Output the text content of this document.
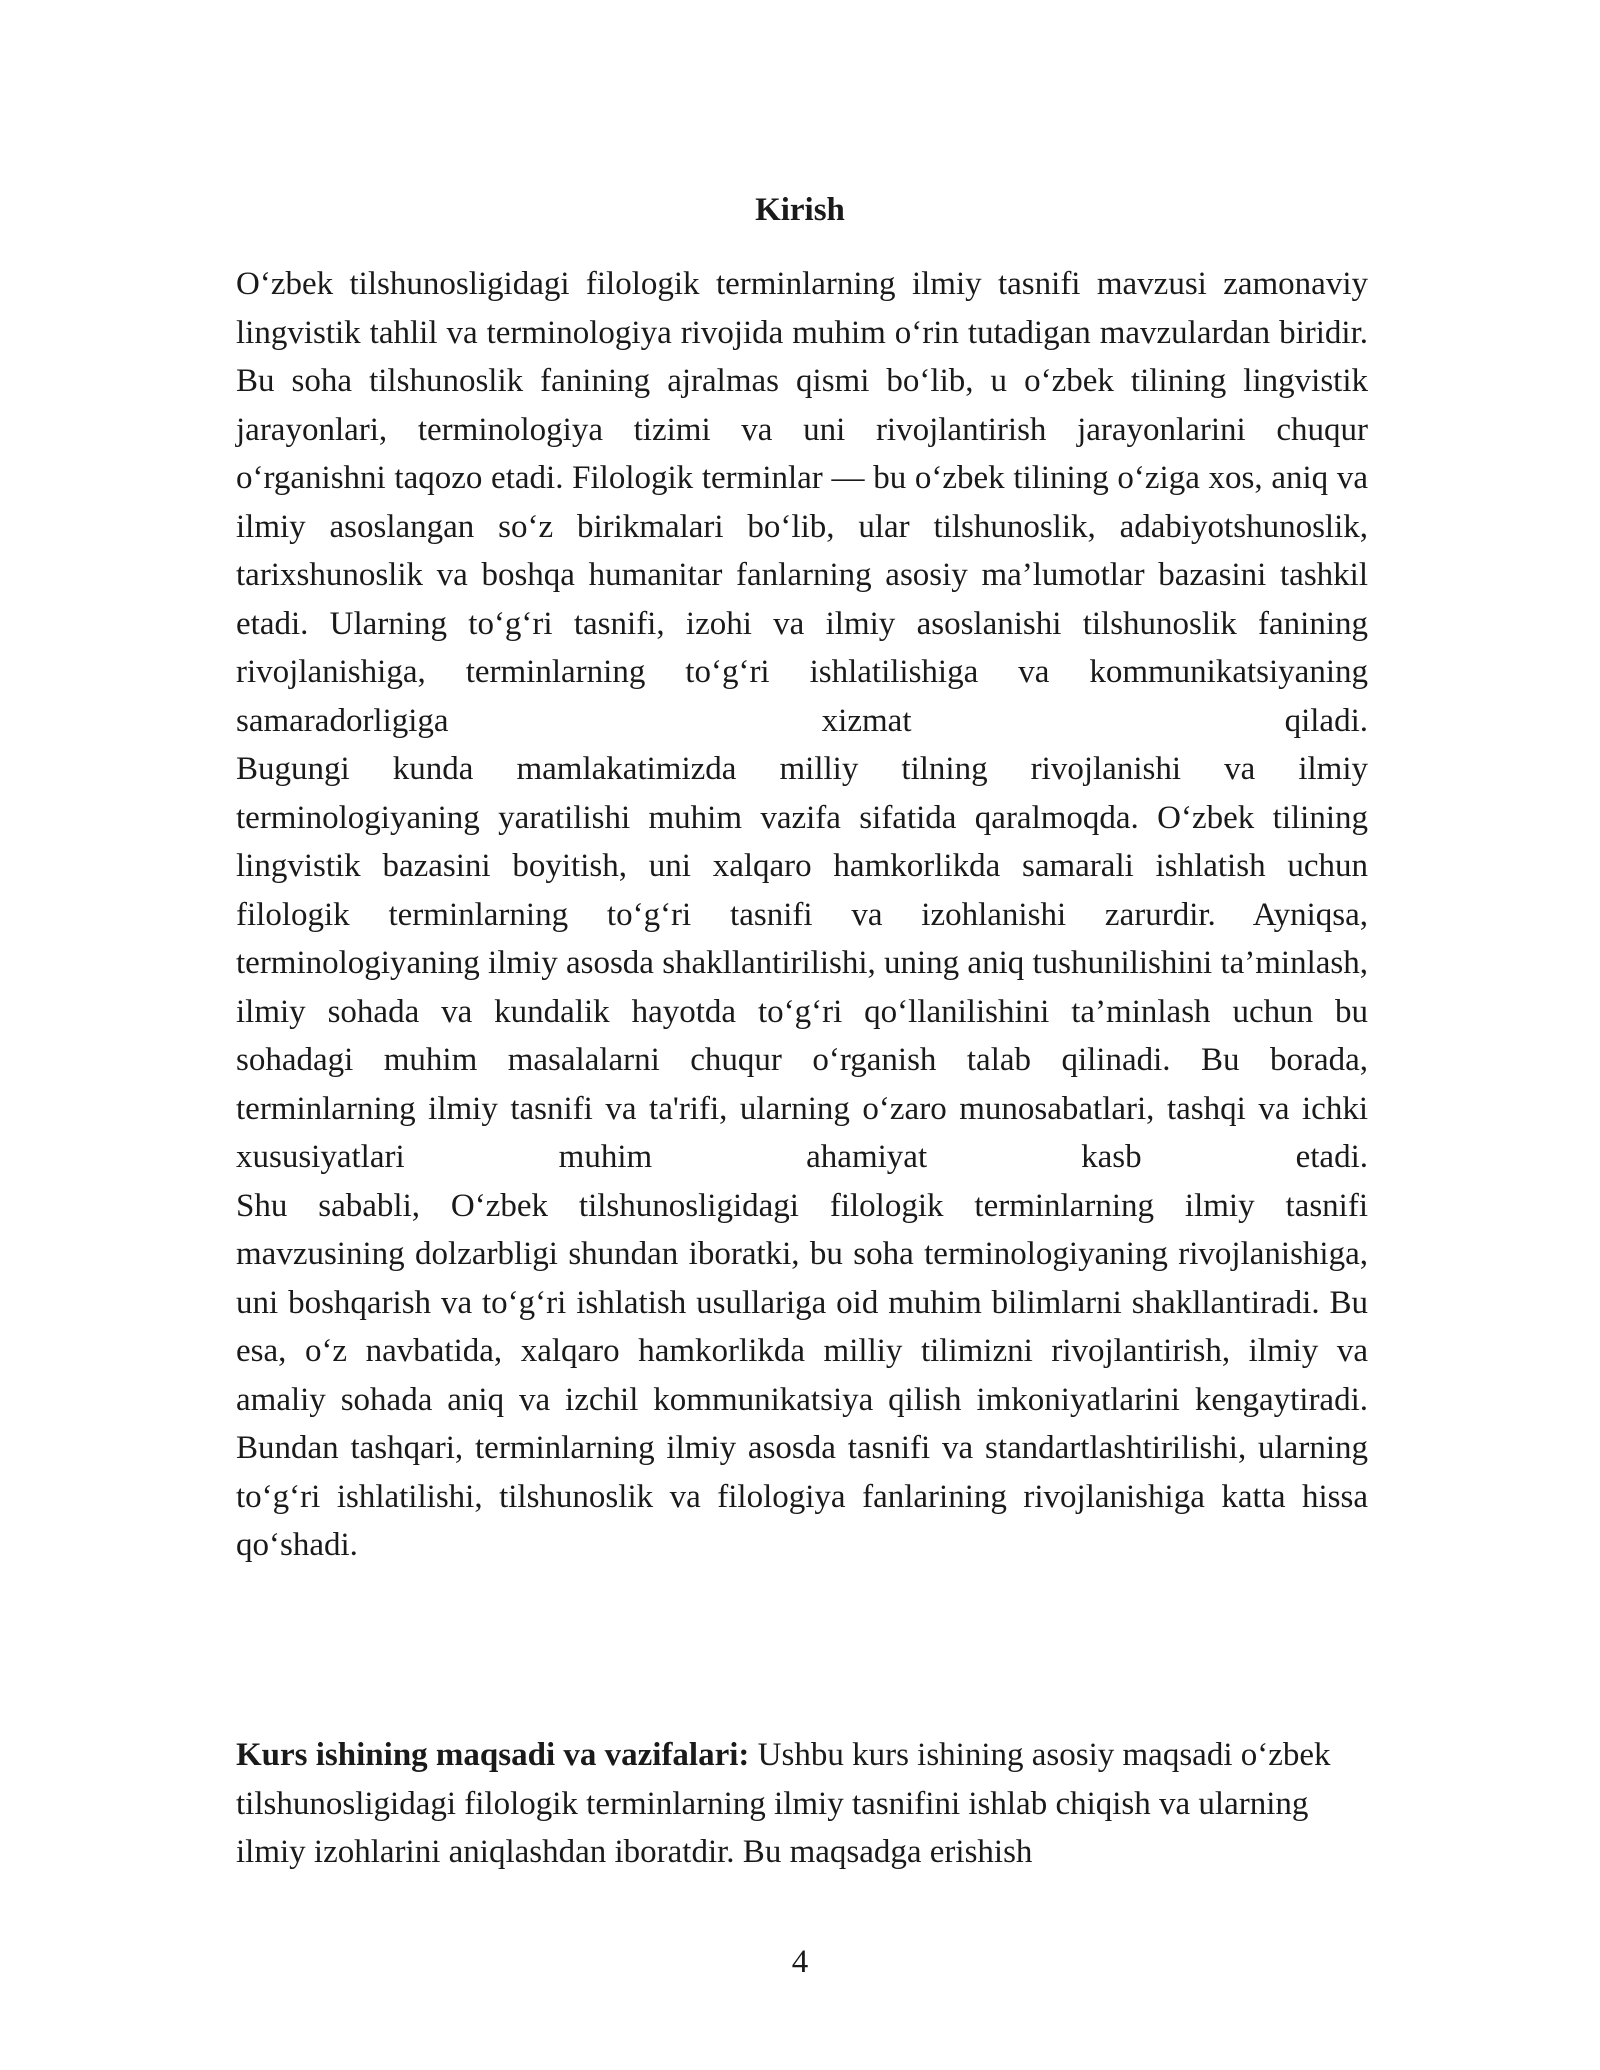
Kirish

O‘zbek tilshunosligidagi filologik terminlarning ilmiy tasnifi mavzusi zamonaviy lingvistik tahlil va terminologiya rivojida muhim o‘rin tutadigan mavzulardan biridir. Bu soha tilshunoslik fanining ajralmas qismi bo‘lib, u o‘zbek tilining lingvistik jarayonlari, terminologiya tizimi va uni rivojlantirish jarayonlarini chuqur o‘rganishni taqozo etadi. Filologik terminlar — bu o‘zbek tilining o‘ziga xos, aniq va ilmiy asoslangan so‘z birikmalari bo‘lib, ular tilshunoslik, adabiyotshunoslik, tarixshunoslik va boshqa humanitar fanlarning asosiy ma’lumotlar bazasini tashkil etadi. Ularning to‘g‘ri tasnifi, izohi va ilmiy asoslanishi tilshunoslik fanining rivojlanishiga, terminlarning to‘g‘ri ishlatilishiga va kommunikatsiyaning samaradorligiga xizmat qiladi.

Bugungi kunda mamlakatimizda milliy tilning rivojlanishi va ilmiy terminologiyaning yaratilishi muhim vazifa sifatida qaralmoqda. O‘zbek tilining lingvistik bazasini boyitish, uni xalqaro hamkorlikda samarali ishlatish uchun filologik terminlarning to‘g‘ri tasnifi va izohlanishi zarurdir. Ayniqsa, terminologiyaning ilmiy asosda shakllantirilishi, uning aniq tushunilishini ta’minlash, ilmiy sohada va kundalik hayotda to‘g‘ri qo‘llanilishini ta’minlash uchun bu sohadagi muhim masalalarni chuqur o‘rganish talab qilinadi. Bu borada, terminlarning ilmiy tasnifi va ta'rifi, ularning o‘zaro munosabatlari, tashqi va ichki xususiyatlari muhim ahamiyat kasb etadi.

Shu sababli, O‘zbek tilshunosligidagi filologik terminlarning ilmiy tasnifi mavzusining dolzarbligi shundan iboratki, bu soha terminologiyaning rivojlanishiga, uni boshqarish va to‘g‘ri ishlatish usullariga oid muhim bilimlarni shakllantiradi. Bu esa, o‘z navbatida, xalqaro hamkorlikda milliy tilimizni rivojlantirish, ilmiy va amaliy sohada aniq va izchil kommunikatsiya qilish imkoniyatlarini kengaytiradi. Bundan tashqari, terminlarning ilmiy asosda tasnifi va standartlashtirilishi, ularning to‘g‘ri ishlatilishi, tilshunoslik va filologiya fanlarining rivojlanishiga katta hissa qo‘shadi.

Kurs ishining maqsadi va vazifalari: Ushbu kurs ishining asosiy maqsadi o‘zbek tilshunosligidagi filologik terminlarning ilmiy tasnifini ishlab chiqish va ularning ilmiy izohlarini aniqlashdan iboratdir. Bu maqsadga erishish

4
